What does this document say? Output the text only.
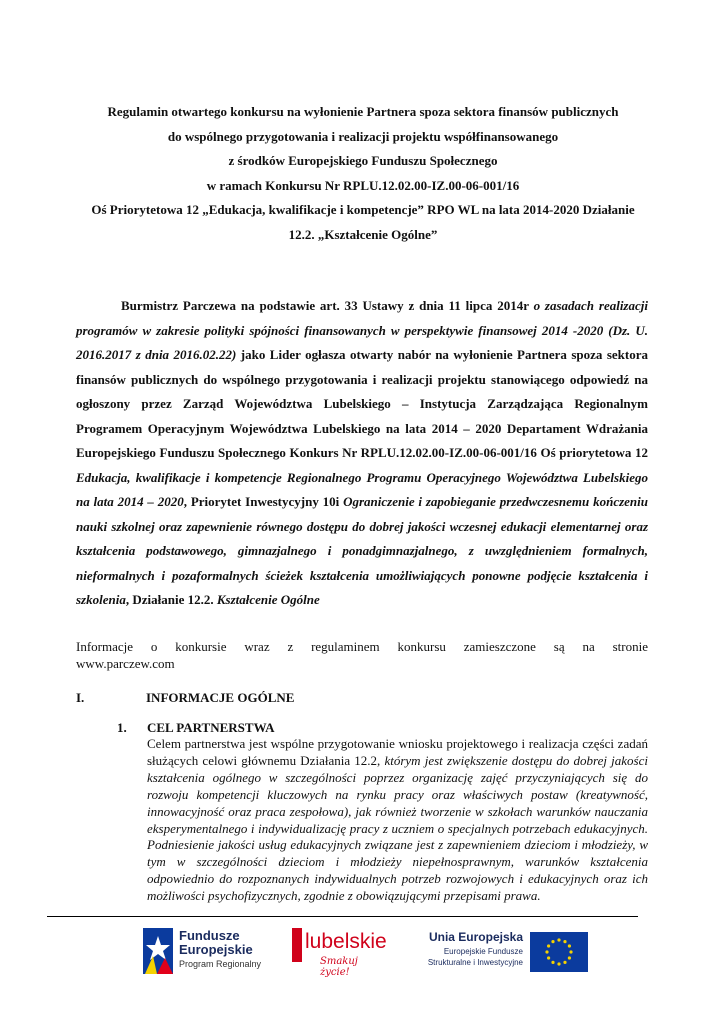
Regulamin otwartego konkursu na wyłonienie Partnera spoza sektora finansów publicznych
do wspólnego przygotowania i realizacji projektu współfinansowanego
z środków Europejskiego Funduszu Społecznego
w ramach Konkursu Nr RPLU.12.02.00-IZ.00-06-001/16
Oś Priorytetowa 12 „Edukacja, kwalifikacje i kompetencje” RPO WL na lata 2014-2020 Działanie
12.2. „Kształcenie Ogólne”
Burmistrz Parczewa na podstawie art. 33 Ustawy z dnia 11 lipca 2014r o zasadach realizacji programów w zakresie polityki spójności finansowanych w perspektywie finansowej 2014 -2020 (Dz. U. 2016.2017 z dnia 2016.02.22) jako Lider ogłasza otwarty nabór na wyłonienie Partnera spoza sektora finansów publicznych do wspólnego przygotowania i realizacji projektu stanowiącego odpowiedź na ogłoszony przez Zarząd Województwa Lubelskiego – Instytucja Zarządzająca Regionalnym Programem Operacyjnym Województwa Lubelskiego na lata 2014 – 2020 Departament Wdrażania Europejskiego Funduszu Społecznego Konkurs Nr RPLU.12.02.00-IZ.00-06-001/16 Oś priorytetowa 12 Edukacja, kwalifikacje i kompetencje Regionalnego Programu Operacyjnego Województwa Lubelskiego na lata 2014 – 2020, Priorytet Inwestycyjny 10i Ograniczenie i zapobieganie przedwczesnemu kończeniu nauki szkolnej oraz zapewnienie równego dostępu do dobrej jakości wczesnej edukacji elementarnej oraz kształcenia podstawowego, gimnazjalnego i ponadgimnazjalnego, z uwzględnieniem formalnych, nieformalnych i pozaformalnych ścieżek kształcenia umożliwiających ponowne podjęcie kształcenia i szkolenia, Działanie 12.2. Kształcenie Ogólne
Informacje o konkursie wraz z regulaminem konkursu zamieszczone są na stronie
www.parczew.com
I.	INFORMACJE OGÓLNE
1.	CEL PARTNERSTWA
Celem partnerstwa jest wspólne przygotowanie wniosku projektowego i realizacja części zadań służących celowi głównemu Działania 12.2, którym jest zwiększenie dostępu do dobrej jakości kształcenia ogólnego w szczególności poprzez organizację zajęć przyczyniających się do rozwoju kompetencji kluczowych na rynku pracy oraz właściwych postaw (kreatywność, innowacyjność oraz praca zespołowa), jak również tworzenie w szkołach warunków nauczania eksperymentalnego i indywidualizację pracy z uczniem o specjalnych potrzebach edukacyjnych. Podniesienie jakości usług edukacyjnych związane jest z zapewnieniem dzieciom i młodzieży, w tym w szczególności dzieciom i młodzieży niepełnosprawnym, warunków kształcenia odpowiednio do rozpoznanych indywidualnych potrzeb rozwojowych i edukacyjnych oraz ich możliwości psychofizycznych, zgodnie z obowiązującymi przepisami prawa.
Fundusze
Europejskie
Program Regionalny
lubelskie
Smakuj życie!
Unia Europejska
Europejskie Fundusze
Strukturalne i Inwestycyjne
